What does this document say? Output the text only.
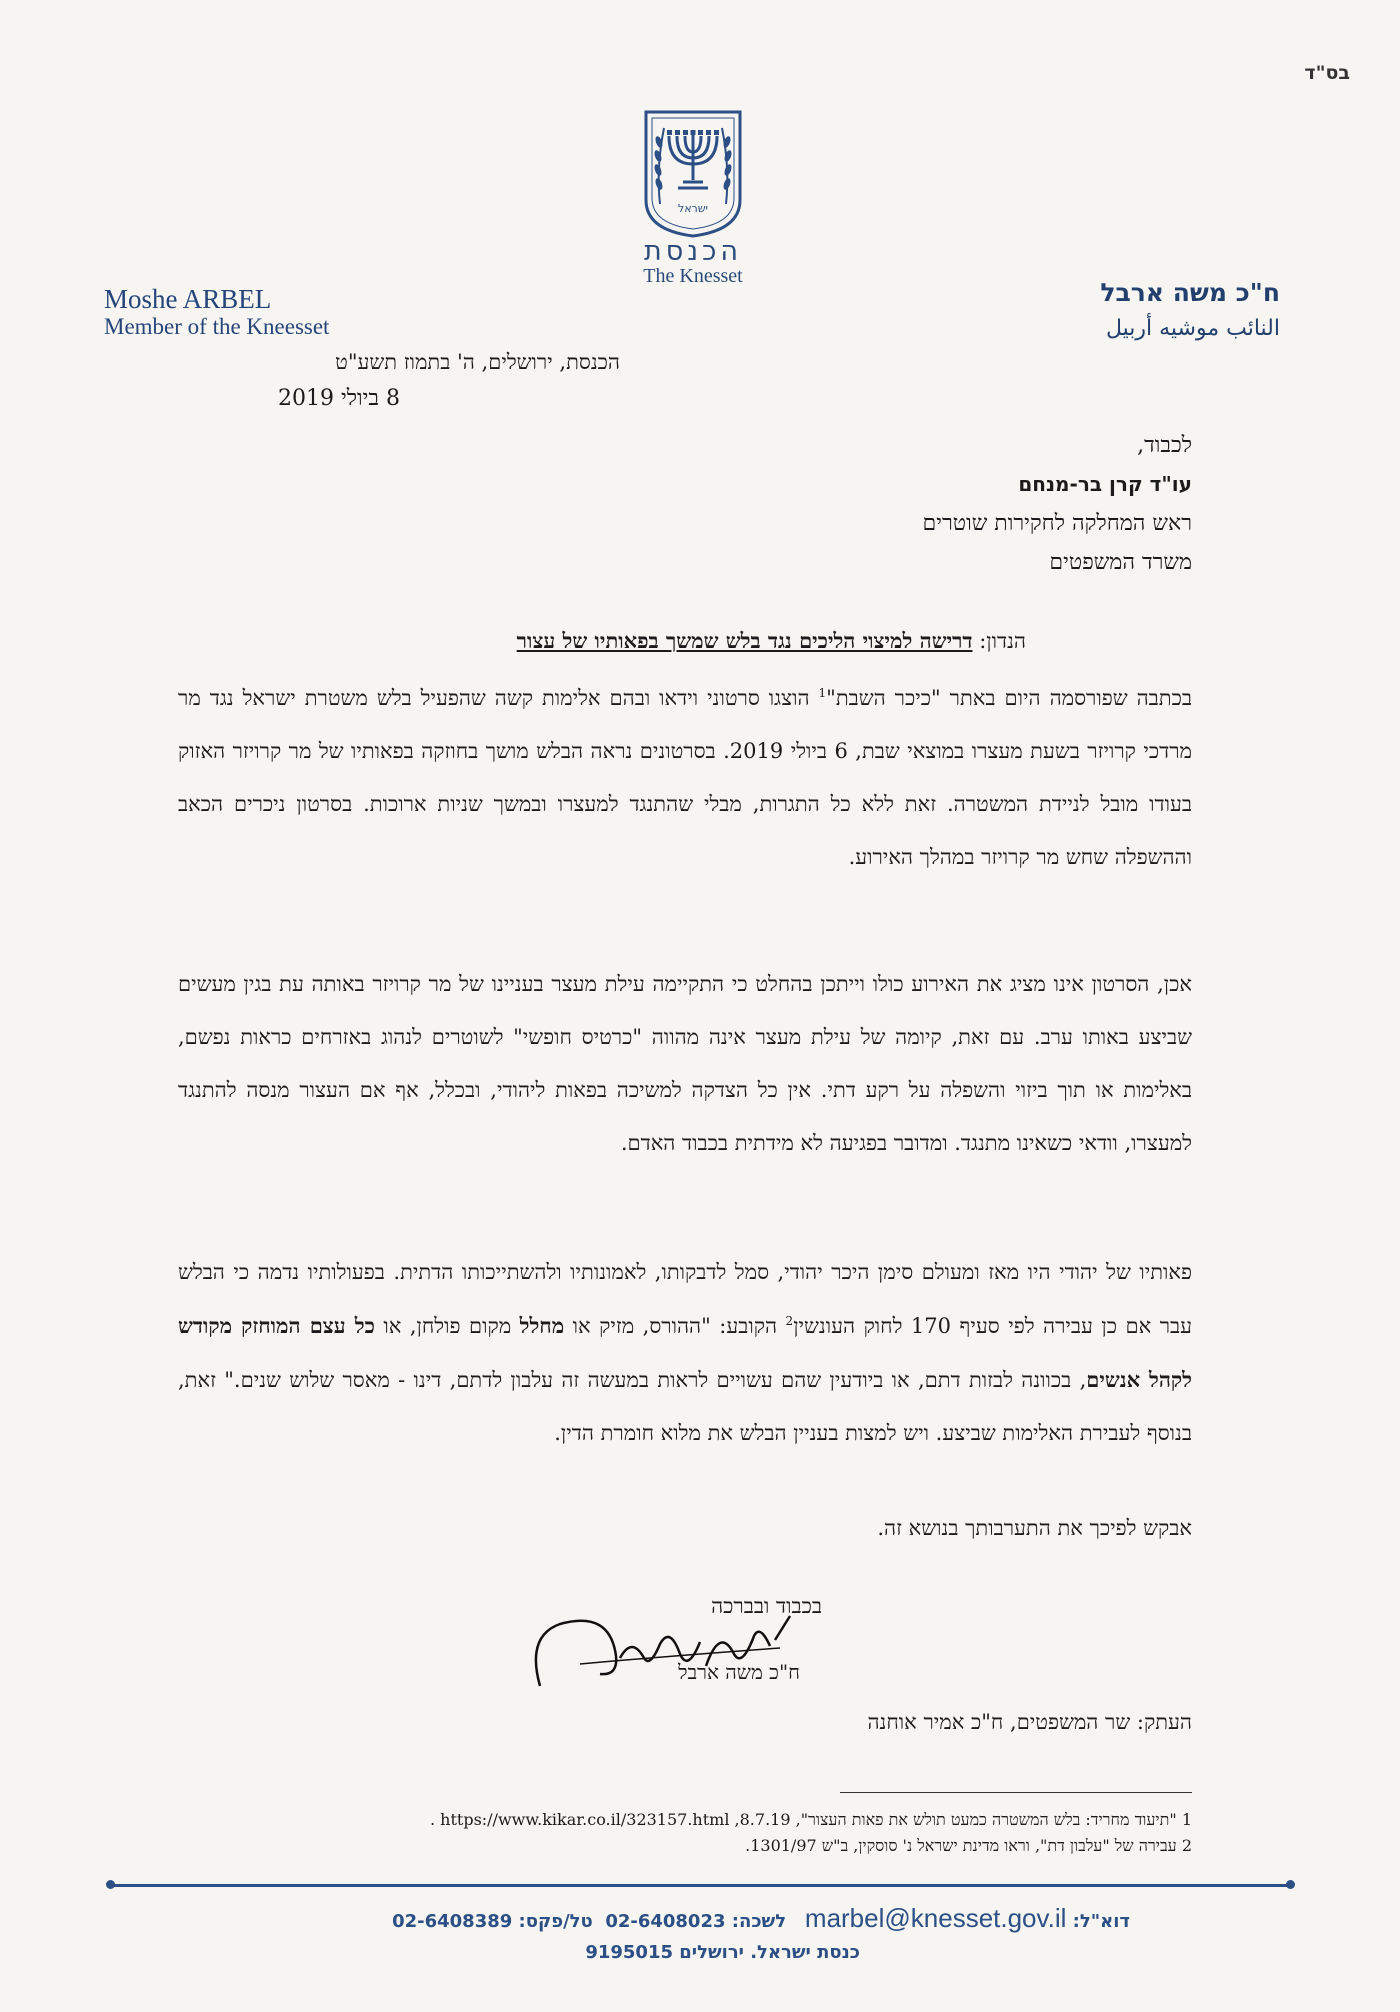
בס"ד
ישראל
הכנסת
The Knesset
Moshe ARBEL
Member of the Kneesset
ח"כ משה ארבל
النائب موشيه أربيل
הכנסת, ירושלים, ה' בתמוז תשע"ט
8 ביולי 2019
לכבוד,
עו"ד קרן בר-מנחם
ראש המחלקה לחקירות שוטרים
משרד המשפטים
הנדון: דרישה למיצוי הליכים נגד בלש שמשך בפאותיו של עצור
בכתבה שפורסמה היום באתר "כיכר השבת"$^1$ הוצגו סרטוני וידאו ובהם אלימות קשה שהפעיל בלש משטרת ישראל נגד מר מרדכי קרויזר בשעת מעצרו במוצאי שבת, 6 ביולי 2019. בסרטונים נראה הבלש מושך בחוזקה בפאותיו של מר קרויזר האזוק בעודו מובל לניידת המשטרה. זאת ללא כל התגרות, מבלי שהתנגד למעצרו ובמשך שניות ארוכות. בסרטון ניכרים הכאב וההשפלה שחש מר קרויזר במהלך האירוע.
אכן, הסרטון אינו מציג את האירוע כולו וייתכן בהחלט כי התקיימה עילת מעצר בעניינו של מר קרויזר באותה עת בגין מעשים שביצע באותו ערב. עם זאת, קיומה של עילת מעצר אינה מהווה "כרטיס חופשי" לשוטרים לנהוג באזרחים כראות נפשם, באלימות או תוך ביזוי והשפלה על רקע דתי. אין כל הצדקה למשיכה בפאות ליהודי, ובכלל, אף אם העצור מנסה להתנגד למעצרו, וודאי כשאינו מתנגד. ומדובר בפגיעה לא מידתית בכבוד האדם.
פאותיו של יהודי היו מאז ומעולם סימן היכר יהודי, סמל לדבקותו, לאמונותיו ולהשתייכותו הדתית. בפעולותיו נדמה כי הבלש עבר אם כן עבירה לפי סעיף 170 לחוק העונשין$^2$ הקובע: "ההורס, מזיק או מחלל מקום פולחן, או כל עצם המוחזק מקודש לקהל אנשים, בכוונה לבזות דתם, או ביודעין שהם עשויים לראות במעשה זה עלבון לדתם, דינו - מאסר שלוש שנים." זאת, בנוסף לעבירת האלימות שביצע. ויש למצות בעניין הבלש את מלוא חומרת הדין.
אבקש לפיכך את התערבותך בנושא זה.
בכבוד ובברכה
ח"כ משה ארבל
העתק: שר המשפטים, ח"כ אמיר אוחנה
1 "תיעוד מחריד: בלש המשטרה כמעט תולש את פאות העצור", 8.7.19, https://www.kikar.co.il/323157.html .
2 עבירה של "עלבון דת", וראו מדינת ישראל נ' סוסקין, ב"ש 1301/97.
דוא"ל: marbel@knesset.gov.il   לשכה: 02-6408023  טל/פקס: 02-6408389
כנסת ישראל. ירושלים 9195015
